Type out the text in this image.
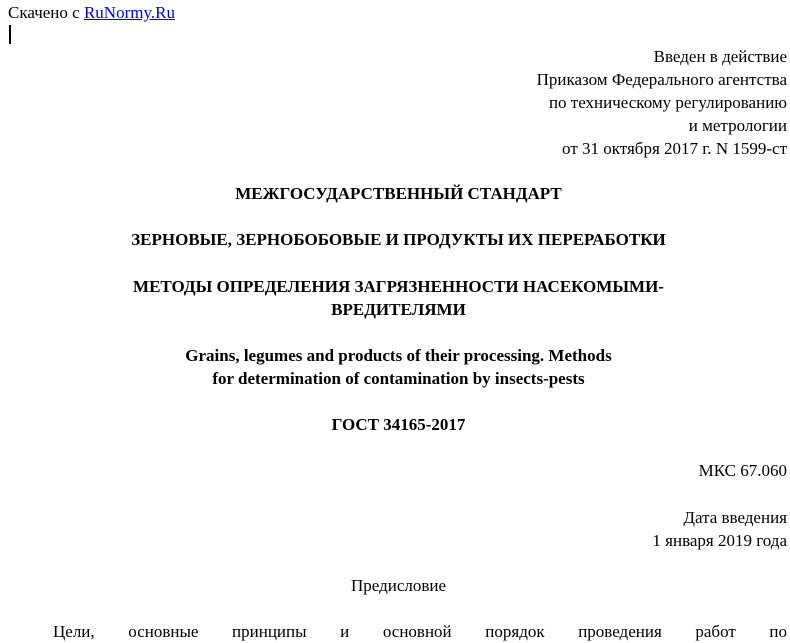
Скачено с RuNormy.Ru
Введен в действие
Приказом Федерального агентства
по техническому регулированию
и метрологии
от 31 октября 2017 г. N 1599-ст
МЕЖГОСУДАРСТВЕННЫЙ СТАНДАРТ
ЗЕРНОВЫЕ, ЗЕРНОБОБОВЫЕ И ПРОДУКТЫ ИХ ПЕРЕРАБОТКИ
МЕТОДЫ ОПРЕДЕЛЕНИЯ ЗАГРЯЗНЕННОСТИ НАСЕКОМЫМИ-
ВРЕДИТЕЛЯМИ
Grains, legumes and products of their processing. Methods
for determination of contamination by insects-pests
ГОСТ 34165-2017
МКС 67.060
Дата введения
1 января 2019 года
Предисловие
Цели, основные принципы и основной порядок проведения работ по
